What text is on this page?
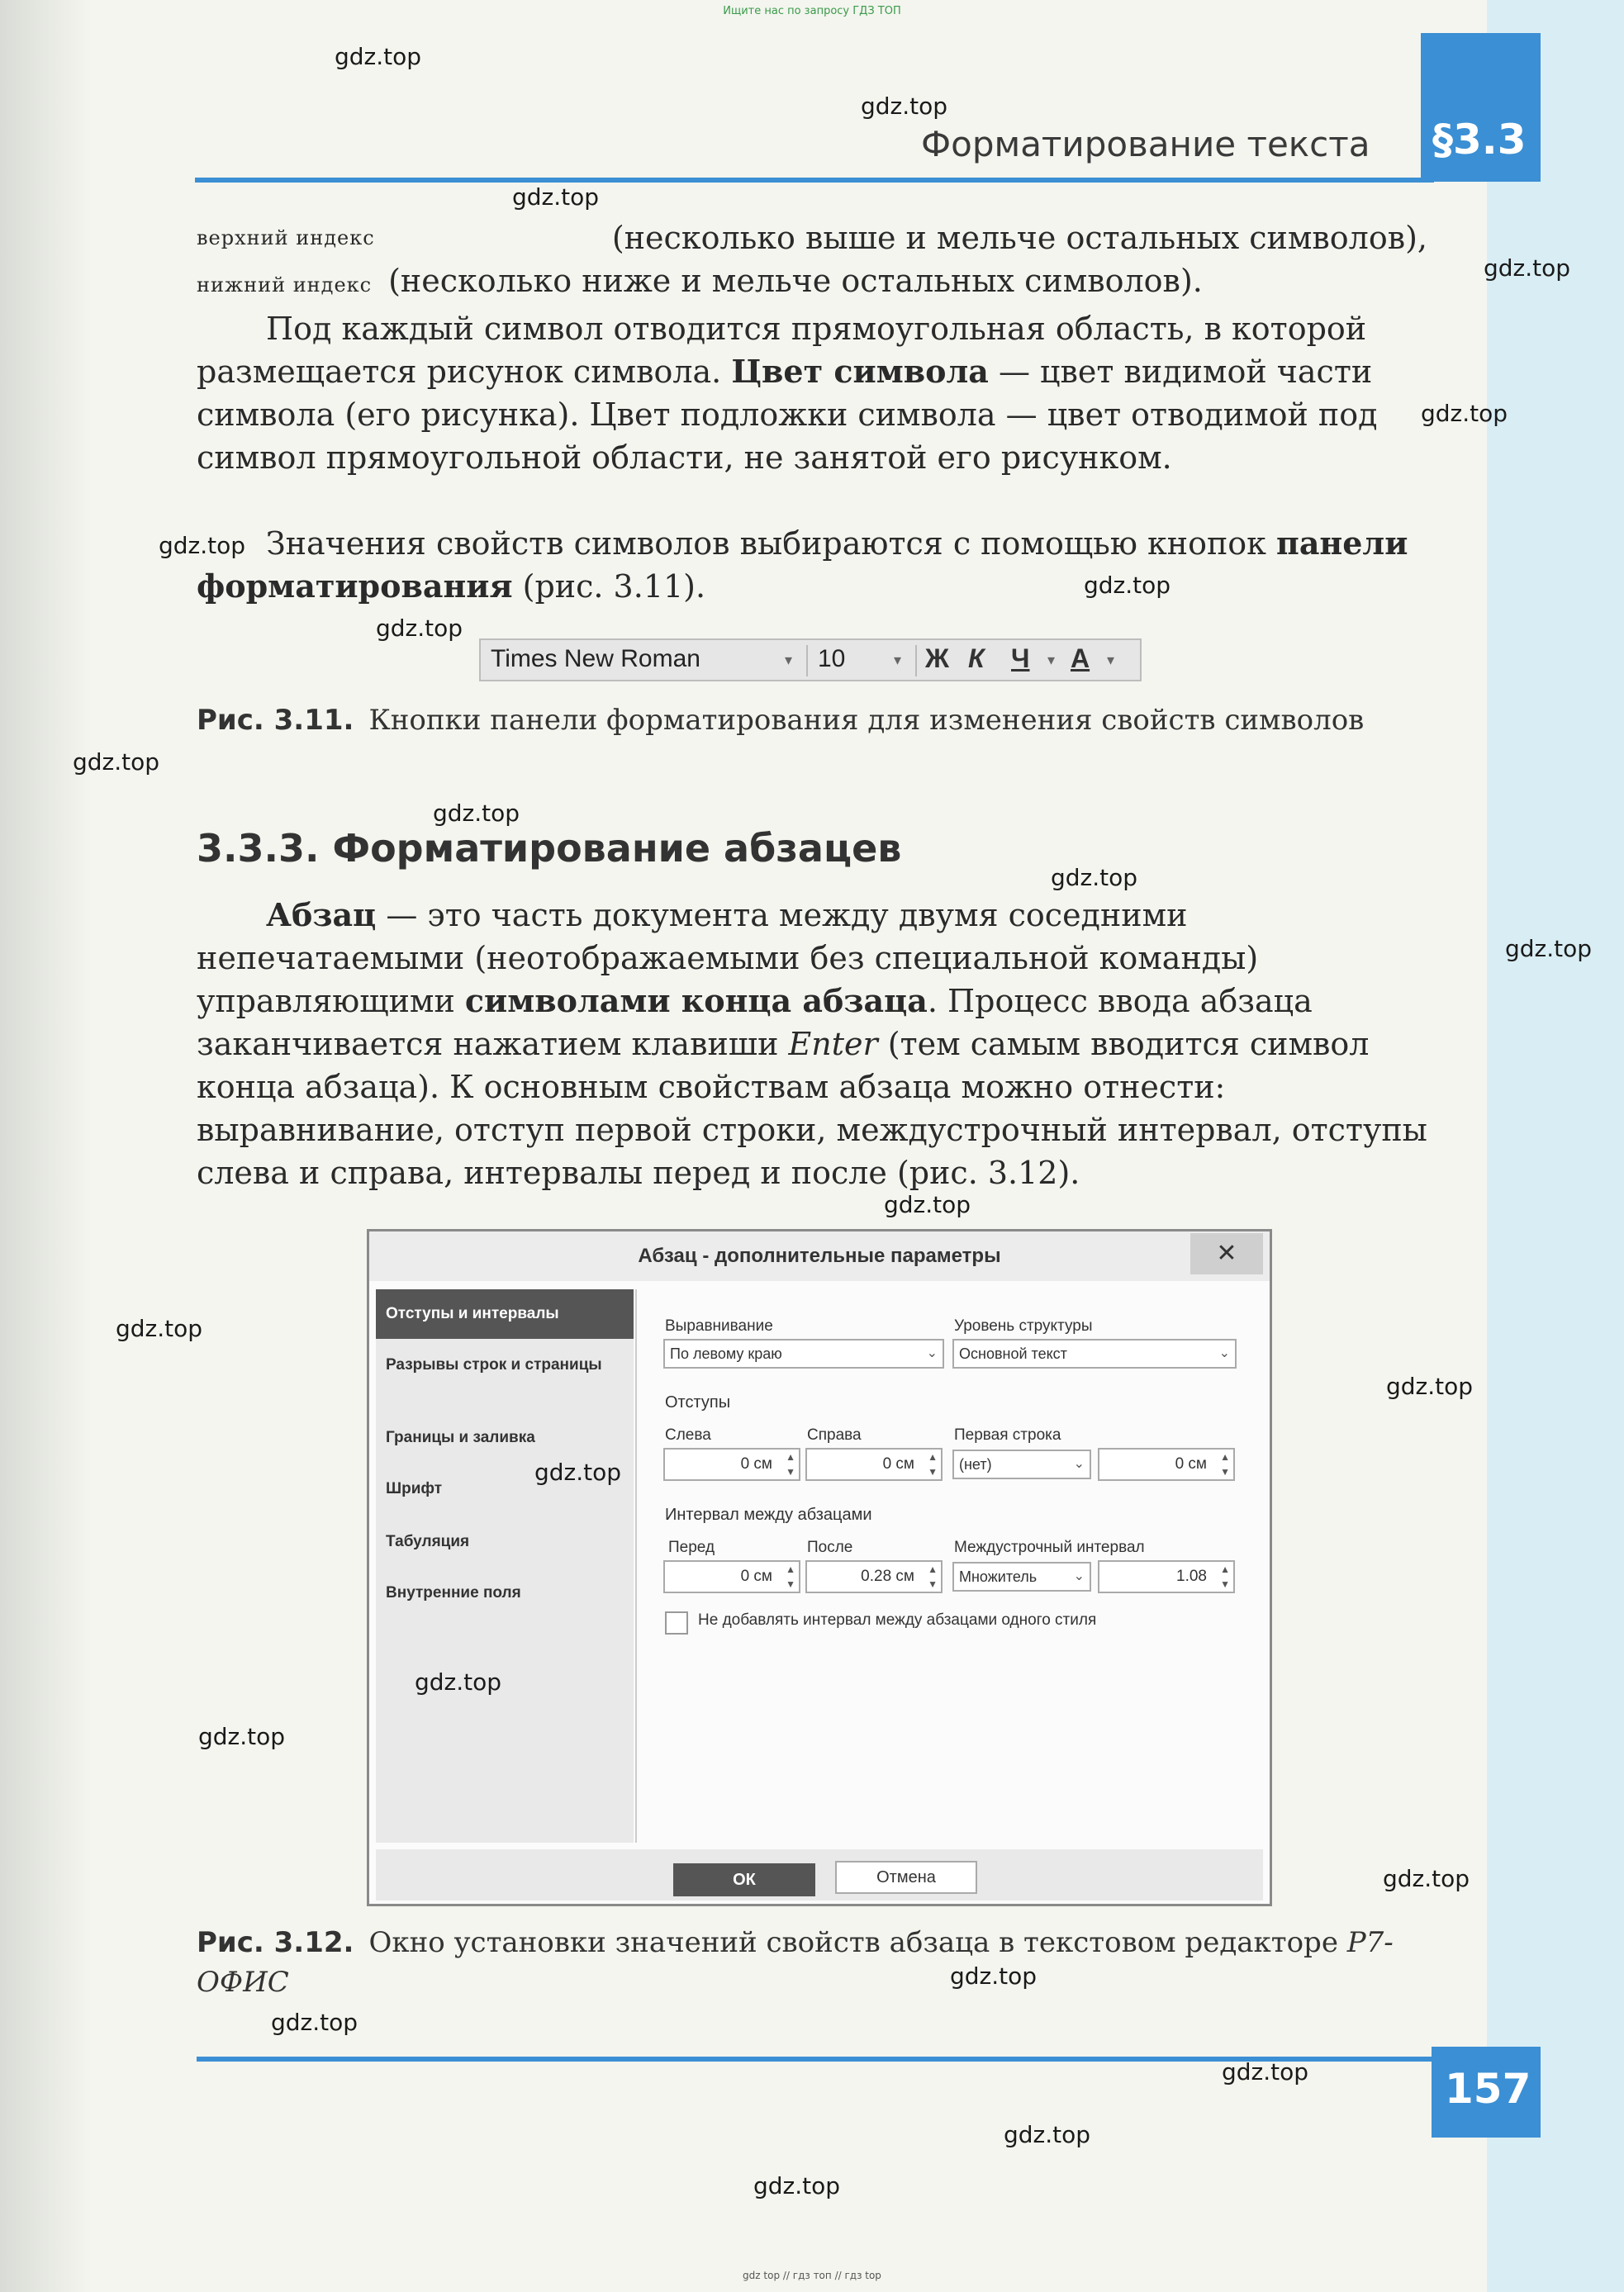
Ищите нас по запросу ГДЗ ТОП
§3.3
Форматирование текста
верхний индекс	(несколько выше и мельче остальных символов),
нижний индекс (несколько ниже и мельче остальных символов).
Под каждый символ отводится прямоугольная область, в которой размещается рисунок символа. Цвет символа — цвет видимой части символа (его рисунка). Цвет подложки символа — цвет отводимой под символ прямоугольной области, не занятой его рисунком.
Значения свойств символов выбираются с помощью кнопок панели форматирования (рис. 3.11).
Times New Roman	▾ 10	▾ Ж К Ч ▾ A ▾
Рис. 3.11. Кнопки панели форматирования для изменения свойств символов
3.3.3. Форматирование абзацев
Абзац — это часть документа между двумя соседними непечатаемыми (неотображаемыми без специальной команды) управляющими символами конца абзаца. Процесс ввода абзаца заканчивается нажатием клавиши Enter (тем самым вводится символ конца абзаца). К основным свойствам абзаца можно отнести: выравнивание, отступ первой строки, междустрочный интервал, отступы слева и справа, интервалы перед и после (рис. 3.12).
Абзац - дополнительные параметры	✕
Отступы и интервалы
Разрывы строк и страницы
Границы и заливка
Шрифт
Табуляция
Внутренние поля
Выравнивание
По левому краю	⌄
Уровень структуры
Основной текст	⌄
Отступы
Слева
0 см ▲
▼
Справа
0 см ▲
▼
Первая строка
(нет)	⌄	0 см ▲
▼
Интервал между абзацами
Перед
0 см ▲
▼
После
0.28 см ▲
▼
Междустрочный интервал
Множитель	⌄	1.08 ▲
▼
Не добавлять интервал между абзацами одного стиля
ОК	Отмена
Рис. 3.12. Окно установки значений свойств абзаца в текстовом редакторе Р7-ОФИС
157
gdz.top
gdz.top
gdz.top
gdz.top
gdz.top
gdz.top
gdz.top
gdz.top
gdz.top
gdz.top
gdz.top
gdz.top
gdz.top
gdz.top
gdz.top
gdz.top
gdz.top
gdz.top
gdz.top
gdz.top
gdz.top
gdz.top
gdz.top
gdz.top
gdz top // гдз топ // гдз top
